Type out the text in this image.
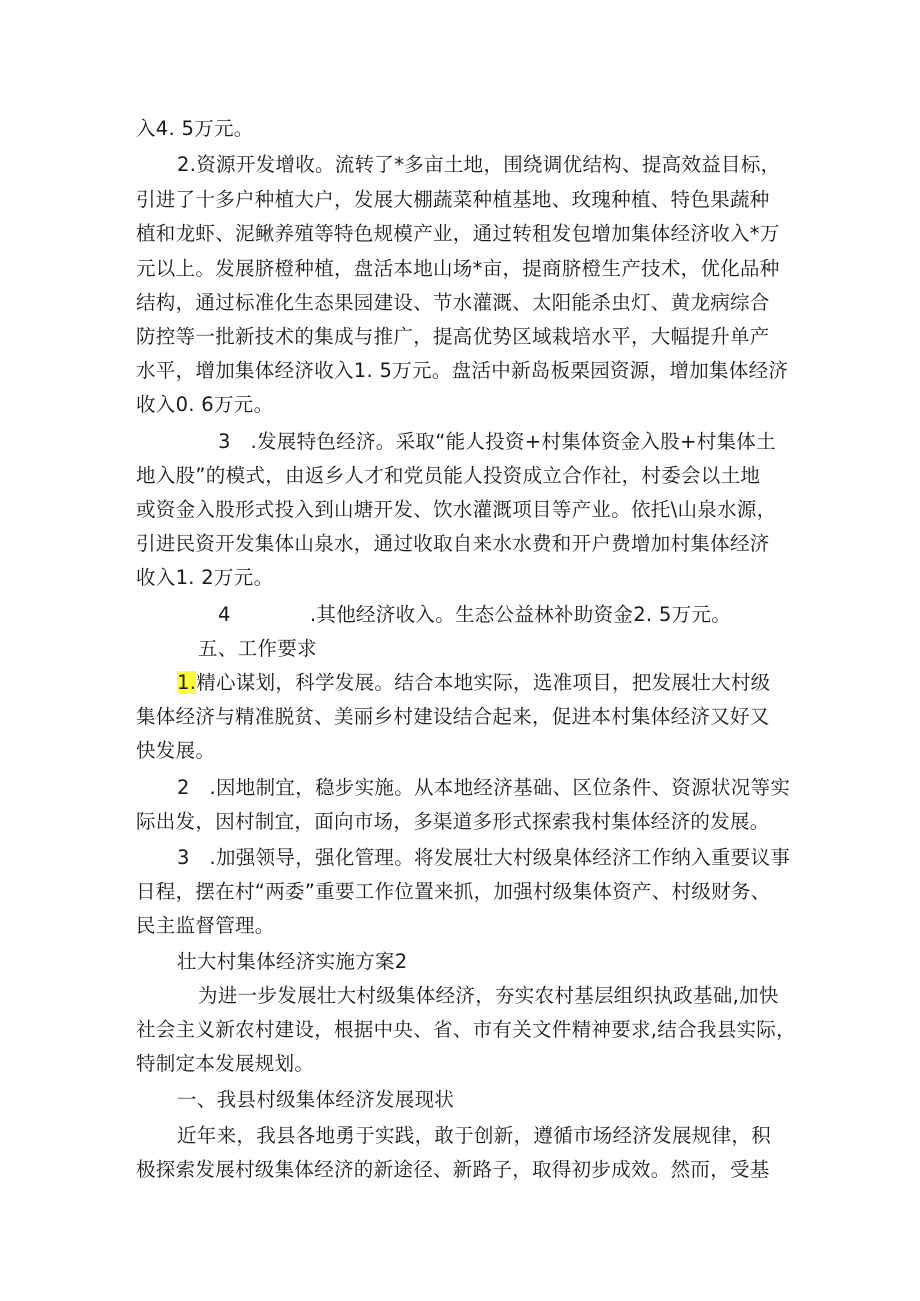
入4. 5万元。
2.资源开发增收。流转了*多亩土地，围绕调优结构、提高效益目标，
引进了十多户种植大户，发展大棚蔬菜种植基地、玫瑰种植、特色果蔬种
植和龙虾、泥鳅养殖等特色规模产业，通过转租发包增加集体经济收入*万
元以上。发展脐橙种植，盘活本地山场*亩，提商脐橙生产技术，优化品种
结构，通过标准化生态果园建设、节水灌溉、太阳能杀虫灯、黄龙病综合
防控等一批新技术的集成与推广，提高优势区域栽培水平，大幅提升单产
水平，增加集体经济收入1. 5万元。盘活中新岛板栗园资源，增加集体经济
收入0. 6万元。
3　.发展特色经济。采取“能人投资+村集体资金入股+村集体土
地入股”的模式，由返乡人才和党员能人投资成立合作社，村委会以土地
或资金入股形式投入到山塘开发、饮水灌溉项目等产业。依托\山泉水源，
引进民资开发集体山泉水，通过收取自来水水费和开户费增加村集体经济
收入1. 2万元。
4　　　　.其他经济收入。生态公益林补助资金2. 5万元。
五、工作要求
1.精心谋划，科学发展。结合本地实际，选准项目，把发展壮大村级
集体经济与精准脱贫、美丽乡村建设结合起来，促进本村集体经济又好又
快发展。
2　.因地制宜，稳步实施。从本地经济基础、区位条件、资源状况等实
际出发，因村制宜，面向市场，多渠道多形式探索我村集体经济的发展。
3　.加强领导，强化管理。将发展壮大村级臬体经济工作纳入重要议事
日程，摆在村“两委”重要工作位置来抓，加强村级集体资产、村级财务、
民主监督管理。
壮大村集体经济实施方案2
为进一步发展壮大村级集体经济，夯实农村基层组织执政基础,加快
社会主义新农村建设，根据中央、省、市有关文件精神要求,结合我县实际，
特制定本发展规划。
一、我县村级集体经济发展现状
近年来，我县各地勇于实践，敢于创新，遵循市场经济发展规律，积
极探索发展村级集体经济的新途径、新路子，取得初步成效。然而，受基
